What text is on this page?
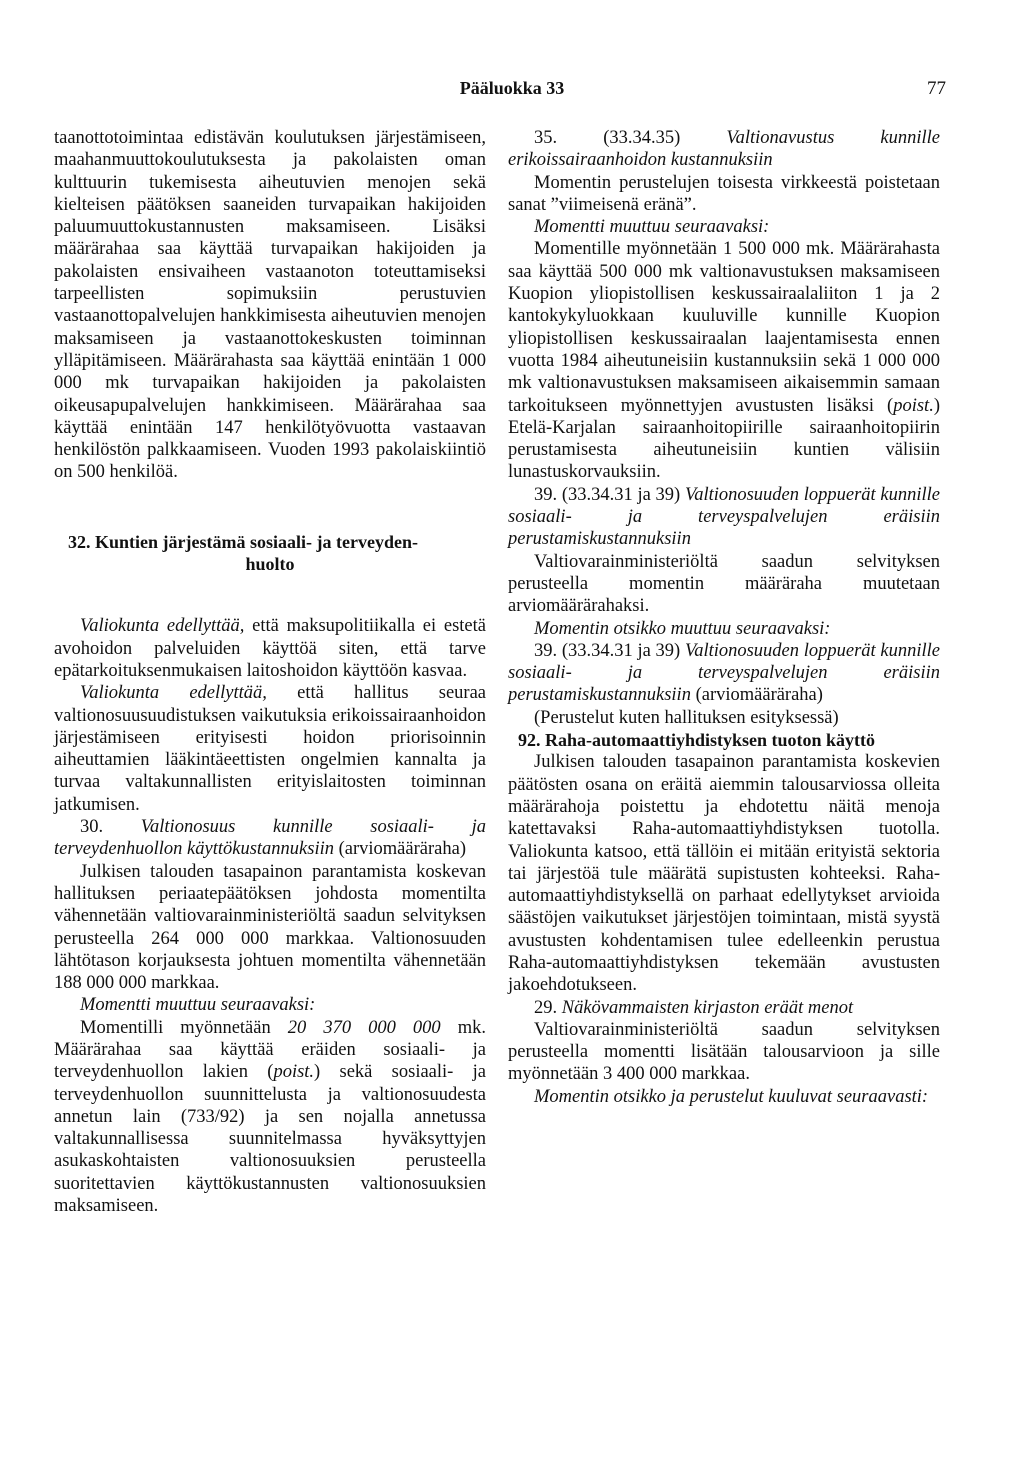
Pääluokka 33	77

taanottotoimintaa edistävän koulutuksen järjestämiseen, maahanmuuttokoulutuksesta ja pakolaisten oman kulttuurin tukemisesta aiheutuvien menojen sekä kielteisen päätöksen saaneiden turvapaikan hakijoiden paluumuuttokustannusten maksamiseen. Lisäksi määrärahaa saa käyttää turvapaikan hakijoiden ja pakolaisten ensivaiheen vastaanoton toteuttamiseksi tarpeellisten sopimuksiin perustuvien vastaanottopalvelujen hankkimisesta aiheutuvien menojen maksamiseen ja vastaanottokeskusten toiminnan ylläpitämiseen. Määrärahasta saa käyttää enintään 1 000 000 mk turvapaikan hakijoiden ja pakolaisten oikeusapupalvelujen hankkimiseen. Määrärahaa saa käyttää enintään 147 henkilötyövuotta vastaavan henkilöstön palkkaamiseen. Vuoden 1993 pakolaiskiintiö on 500 henkilöä.

32. Kuntien järjestämä sosiaali- ja terveyden-

huolto

Valiokunta edellyttää, että maksupolitiikalla ei estetä avohoidon palveluiden käyttöä siten, että tarve epätarkoituksenmukaisen laitoshoidon käyttöön kasvaa.

Valiokunta edellyttää, että hallitus seuraa valtionosuusuudistuksen vaikutuksia erikoissairaanhoidon järjestämiseen erityisesti hoidon priorisoinnin aiheuttamien lääkintäeettisten ongelmien kannalta ja turvaa valtakunnallisten erityislaitosten toiminnan jatkumisen.

30. Valtionosuus kunnille sosiaali- ja terveydenhuollon käyttökustannuksiin (arviomääräraha)

Julkisen talouden tasapainon parantamista koskevan hallituksen periaatepäätöksen johdosta momentilta vähennetään valtiovarainministeriöltä saadun selvityksen perusteella 264 000 000 markkaa. Valtionosuuden lähtötason korjauksesta johtuen momentilta vähennetään 188 000 000 markkaa.

Momentti muuttuu seuraavaksi:

Momentilli myönnetään 20 370 000 000 mk. Määrärahaa saa käyttää eräiden sosiaali- ja terveydenhuollon lakien (poist.) sekä sosiaali- ja terveydenhuollon suunnittelusta ja valtionosuudesta annetun lain (733/92) ja sen nojalla annetussa valtakunnallisessa suunnitelmassa hyväksyttyjen asukaskohtaisten valtionosuuksien perusteella suoritettavien käyttökustannusten valtionosuuksien maksamiseen.

35. (33.34.35) Valtionavustus kunnille erikoissairaanhoidon kustannuksiin

Momentin perustelujen toisesta virkkeestä poistetaan sanat ”viimeisenä eränä”.

Momentti muuttuu seuraavaksi:

Momentille myönnetään 1 500 000 mk. Määrärahasta saa käyttää 500 000 mk valtionavustuksen maksamiseen Kuopion yliopistollisen keskussairaalaliiton 1 ja 2 kantokykyluokkaan kuuluville kunnille Kuopion yliopistollisen keskussairaalan laajentamisesta ennen vuotta 1984 aiheutuneisiin kustannuksiin sekä 1 000 000 mk valtionavustuksen maksamiseen aikaisemmin samaan tarkoitukseen myönnettyjen avustusten lisäksi (poist.) Etelä-Karjalan sairaanhoitopiirille sairaanhoitopiirin perustamisesta aiheutuneisiin kuntien välisiin lunastuskorvauksiin.

39. (33.34.31 ja 39) Valtionosuuden loppuerät kunnille sosiaali- ja terveyspalvelujen eräisiin perustamiskustannuksiin

Valtiovarainministeriöltä saadun selvityksen perusteella momentin määräraha muutetaan arviomäärärahaksi.

Momentin otsikko muuttuu seuraavaksi:

39. (33.34.31 ja 39) Valtionosuuden loppuerät kunnille sosiaali- ja terveyspalvelujen eräisiin perustamiskustannuksiin (arviomääräraha)

(Perustelut kuten hallituksen esityksessä)

92. Raha-automaattiyhdistyksen tuoton käyttö

Julkisen talouden tasapainon parantamista koskevien päätösten osana on eräitä aiemmin talousarviossa olleita määrärahoja poistettu ja ehdotettu näitä menoja katettavaksi Raha-automaattiyhdistyksen tuotolla. Valiokunta katsoo, että tällöin ei mitään erityistä sektoria tai järjestöä tule määrätä supistusten kohteeksi. Raha-automaattiyhdistyksellä on parhaat edellytykset arvioida säästöjen vaikutukset järjestöjen toimintaan, mistä syystä avustusten kohdentamisen tulee edelleenkin perustua Raha-automaattiyhdistyksen tekemään avustusten jakoehdotukseen.

29. Näkövammaisten kirjaston eräät menot

Valtiovarainministeriöltä saadun selvityksen perusteella momentti lisätään talousarvioon ja sille myönnetään 3 400 000 markkaa.

Momentin otsikko ja perustelut kuuluvat seuraavasti:
